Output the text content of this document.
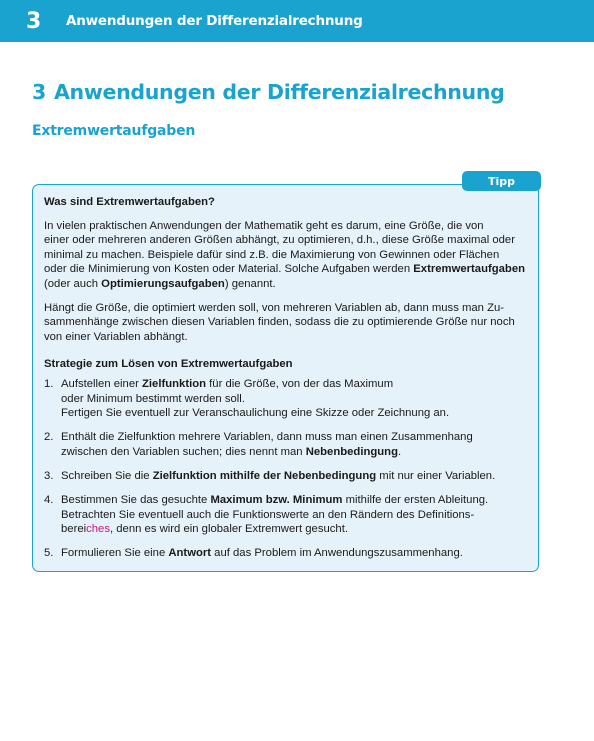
3	Anwendungen der Differenzialrechnung
3 Anwendungen der Differenzialrechnung
Extremwertaufgaben
Tipp

Was sind Extremwertaufgaben?

In vielen praktischen Anwendungen der Mathematik geht es darum, eine Größe, die von
einer oder mehreren anderen Größen abhängt, zu optimieren, d.h., diese Größe maximal oder
minimal zu machen. Beispiele dafür sind z.B. die Maximierung von Gewinnen oder Flächen
oder die Minimierung von Kosten oder Material. Solche Aufgaben werden Extremwertaufgaben
(oder auch Optimierungsaufgaben) genannt.

Hängt die Größe, die optimiert werden soll, von mehreren Variablen ab, dann muss man Zu-
sammenhänge zwischen diesen Variablen finden, sodass die zu optimierende Größe nur noch
von einer Variablen abhängt.

Strategie zum Lösen von Extremwertaufgaben

1. Aufstellen einer Zielfunktion für die Größe, von der das Maximum
oder Minimum bestimmt werden soll.
Fertigen Sie eventuell zur Veranschaulichung eine Skizze oder Zeichnung an.
2. Enthält die Zielfunktion mehrere Variablen, dann muss man einen Zusammenhang
zwischen den Variablen suchen; dies nennt man Nebenbedingung.
3. Schreiben Sie die Zielfunktion mithilfe der Nebenbedingung mit nur einer Variablen.
4. Bestimmen Sie das gesuchte Maximum bzw. Minimum mithilfe der ersten Ableitung.
Betrachten Sie eventuell auch die Funktionswerte an den Rändern des Definitions-
bereiches, denn es wird ein globaler Extremwert gesucht.
5. Formulieren Sie eine Antwort auf das Problem im Anwendungszusammenhang.
